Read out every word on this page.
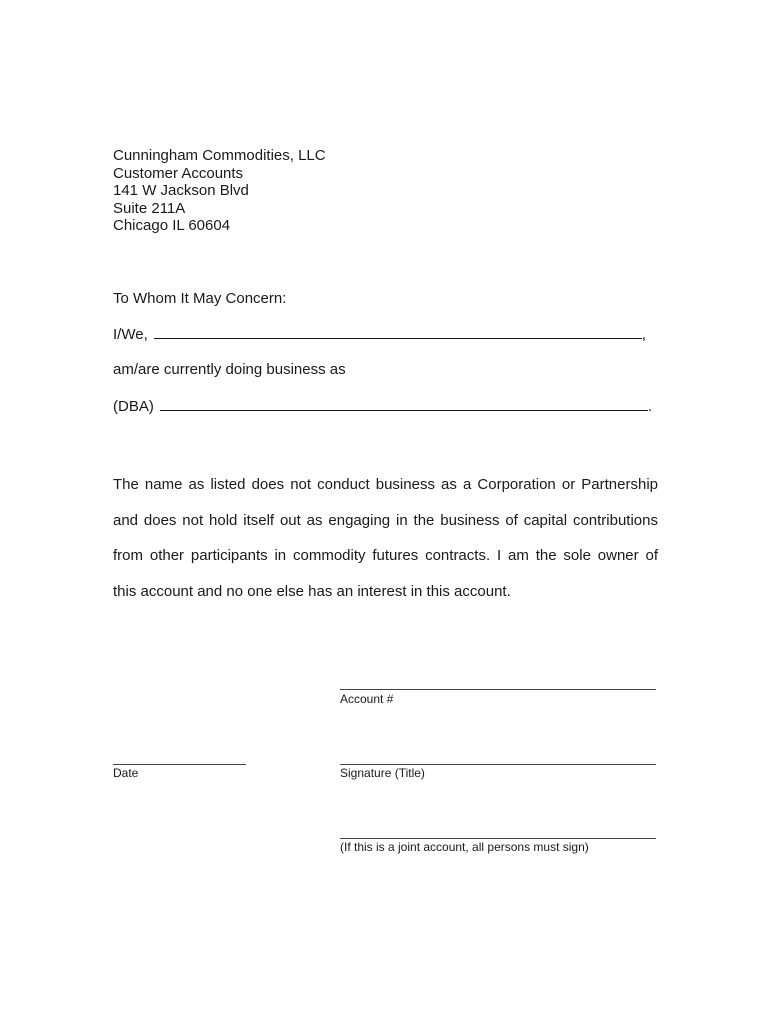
Cunningham Commodities, LLC
Customer Accounts
141 W Jackson Blvd
Suite 211A
Chicago IL 60604
To Whom It May Concern:
I/We,	,
am/are currently doing business as
(DBA)	.

The name as listed does not conduct business as a Corporation or Partnership

and does not hold itself out as engaging in the business of capital contributions

from other participants in commodity futures contracts. I am the sole owner of

this account and no one else has an interest in this account.

Account #
Date	Signature (Title)
(If this is a joint account, all persons must sign)
